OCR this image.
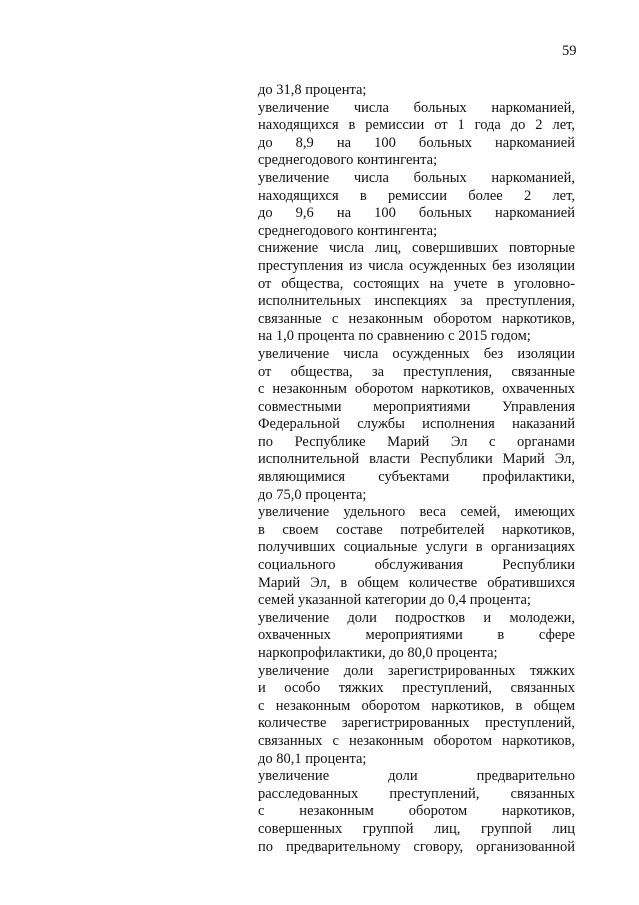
59
до 31,8 процента;
увеличение числа больных наркоманией,
находящихся в ремиссии от 1 года до 2 лет,
до 8,9 на 100 больных наркоманией
среднегодового контингента;
увеличение числа больных наркоманией,
находящихся в ремиссии более 2 лет,
до 9,6 на 100 больных наркоманией
среднегодового контингента;
снижение числа лиц, совершивших повторные
преступления из числа осужденных без изоляции
от общества, состоящих на учете в уголовно-
исполнительных инспекциях за преступления,
связанные с незаконным оборотом наркотиков,
на 1,0 процента по сравнению с 2015 годом;
увеличение числа осужденных без изоляции
от общества, за преступления, связанные
с незаконным оборотом наркотиков, охваченных
совместными мероприятиями Управления
Федеральной службы исполнения наказаний
по Республике Марий Эл с органами
исполнительной власти Республики Марий Эл,
являющимися субъектами профилактики,
до 75,0 процента;
увеличение удельного веса семей, имеющих
в своем составе потребителей наркотиков,
получивших социальные услуги в организациях
социального обслуживания Республики
Марий Эл, в общем количестве обратившихся
семей указанной категории до 0,4 процента;
увеличение доли подростков и молодежи,
охваченных мероприятиями в сфере
наркопрофилактики, до 80,0 процента;
увеличение доли зарегистрированных тяжких
и особо тяжких преступлений, связанных
с незаконным оборотом наркотиков, в общем
количестве зарегистрированных преступлений,
связанных с незаконным оборотом наркотиков,
до 80,1 процента;
увеличение доли предварительно
расследованных преступлений, связанных
с незаконным оборотом наркотиков,
совершенных группой лиц, группой лиц
по предварительному сговору, организованной
